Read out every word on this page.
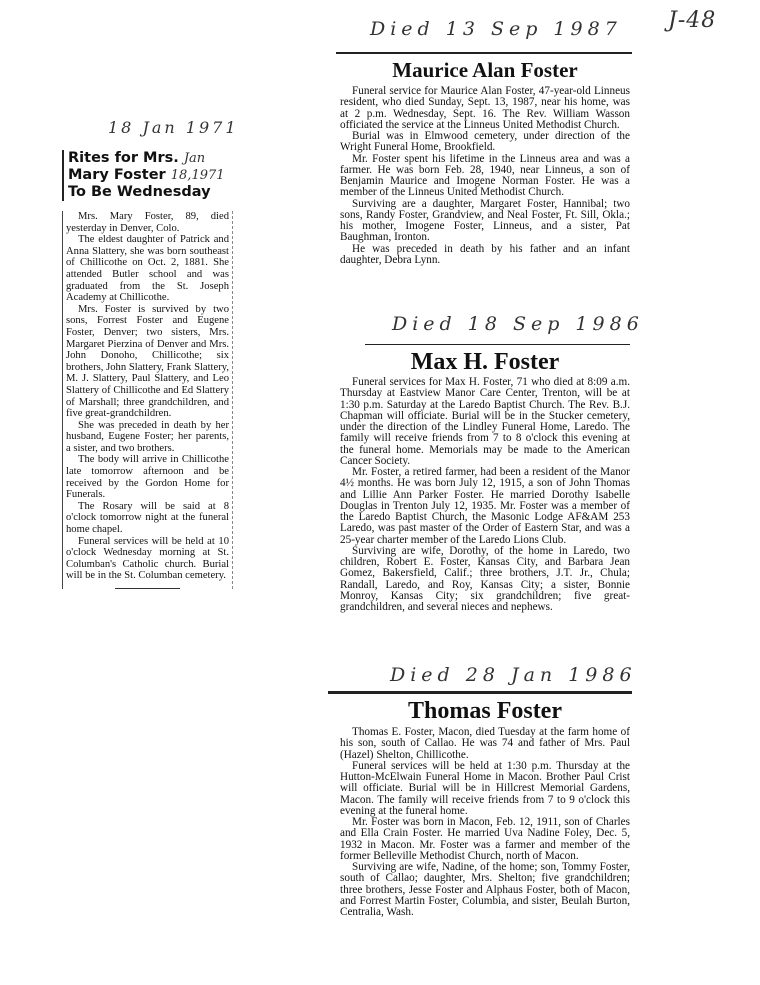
J-48
18 Jan 1971
Rites for Mrs. Jan
Mary Foster 18,1971
To Be Wednesday

Mrs. Mary Foster, 89, died yesterday in Denver, Colo.

The eldest daughter of Patrick and Anna Slattery, she was born southeast of Chillicothe on Oct. 2, 1881. She attended Butler school and was graduated from the St. Joseph Academy at Chillicothe.

Mrs. Foster is survived by two sons, Forrest Foster and Eugene Foster, Denver; two sisters, Mrs. Margaret Pierzina of Denver and Mrs. John Donoho, Chillicothe; six brothers, John Slattery, Frank Slattery, M. J. Slattery, Paul Slattery, and Leo Slattery of Chillicothe and Ed Slattery of Marshall; three grandchildren, and five great-grandchildren.

She was preceded in death by her husband, Eugene Foster; her parents, a sister, and two brothers.

The body will arrive in Chillicothe late tomorrow afternoon and be received by the Gordon Home for Funerals.

The Rosary will be said at 8 o'clock tomorrow night at the funeral home chapel.

Funeral services will be held at 10 o'clock Wednesday morning at St. Columban's Catholic church. Burial will be in the St. Columban cemetery.

Died 13 Sep 1987
Maurice Alan Foster

Funeral service for Maurice Alan Foster, 47-year-old Linneus resident, who died Sunday, Sept. 13, 1987, near his home, was at 2 p.m. Wednesday, Sept. 16. The Rev. William Wasson officiated the service at the Linneus United Methodist Church.

Burial was in Elmwood cemetery, under direction of the Wright Funeral Home, Brookfield.

Mr. Foster spent his lifetime in the Linneus area and was a farmer. He was born Feb. 28, 1940, near Linneus, a son of Benjamin Maurice and Imogene Norman Foster. He was a member of the Linneus United Methodist Church.

Surviving are a daughter, Margaret Foster, Hannibal; two sons, Randy Foster, Grandview, and Neal Foster, Ft. Sill, Okla.; his mother, Imogene Foster, Linneus, and a sister, Pat Baughman, Ironton.

He was preceded in death by his father and an infant daughter, Debra Lynn.

Died 18 Sep 1986
Max H. Foster

Funeral services for Max H. Foster, 71 who died at 8:09 a.m. Thursday at Eastview Manor Care Center, Trenton, will be at 1:30 p.m. Saturday at the Laredo Baptist Church. The Rev. B.J. Chapman will officiate. Burial will be in the Stucker cemetery, under the direction of the Lindley Funeral Home, Laredo. The family will receive friends from 7 to 8 o'clock this evening at the funeral home. Memorials may be made to the American Cancer Society.

Mr. Foster, a retired farmer, had been a resident of the Manor 4½ months. He was born July 12, 1915, a son of John Thomas and Lillie Ann Parker Foster. He married Dorothy Isabelle Douglas in Trenton July 12, 1935. Mr. Foster was a member of the Laredo Baptist Church, the Masonic Lodge AF&AM 253 Laredo, was past master of the Order of Eastern Star, and was a 25-year charter member of the Laredo Lions Club.

Surviving are wife, Dorothy, of the home in Laredo, two children, Robert E. Foster, Kansas City, and Barbara Jean Gomez, Bakersfield, Calif.; three brothers, J.T. Jr., Chula; Randall, Laredo, and Roy, Kansas City; a sister, Bonnie Monroy, Kansas City; six grandchildren; five great-grandchildren, and several nieces and nephews.

Died 28 Jan 1986
Thomas Foster

Thomas E. Foster, Macon, died Tuesday at the farm home of his son, south of Callao. He was 74 and father of Mrs. Paul (Hazel) Shelton, Chillicothe.

Funeral services will be held at 1:30 p.m. Thursday at the Hutton-McElwain Funeral Home in Macon. Brother Paul Crist will officiate. Burial will be in Hillcrest Memorial Gardens, Macon. The family will receive friends from 7 to 9 o'clock this evening at the funeral home.

Mr. Foster was born in Macon, Feb. 12, 1911, son of Charles and Ella Crain Foster. He married Uva Nadine Foley, Dec. 5, 1932 in Macon. Mr. Foster was a farmer and member of the former Belleville Methodist Church, north of Macon.

Surviving are wife, Nadine, of the home; son, Tommy Foster, south of Callao; daughter, Mrs. Shelton; five grandchildren; three brothers, Jesse Foster and Alphaus Foster, both of Macon, and Forrest Martin Foster, Columbia, and sister, Beulah Burton, Centralia, Wash.
